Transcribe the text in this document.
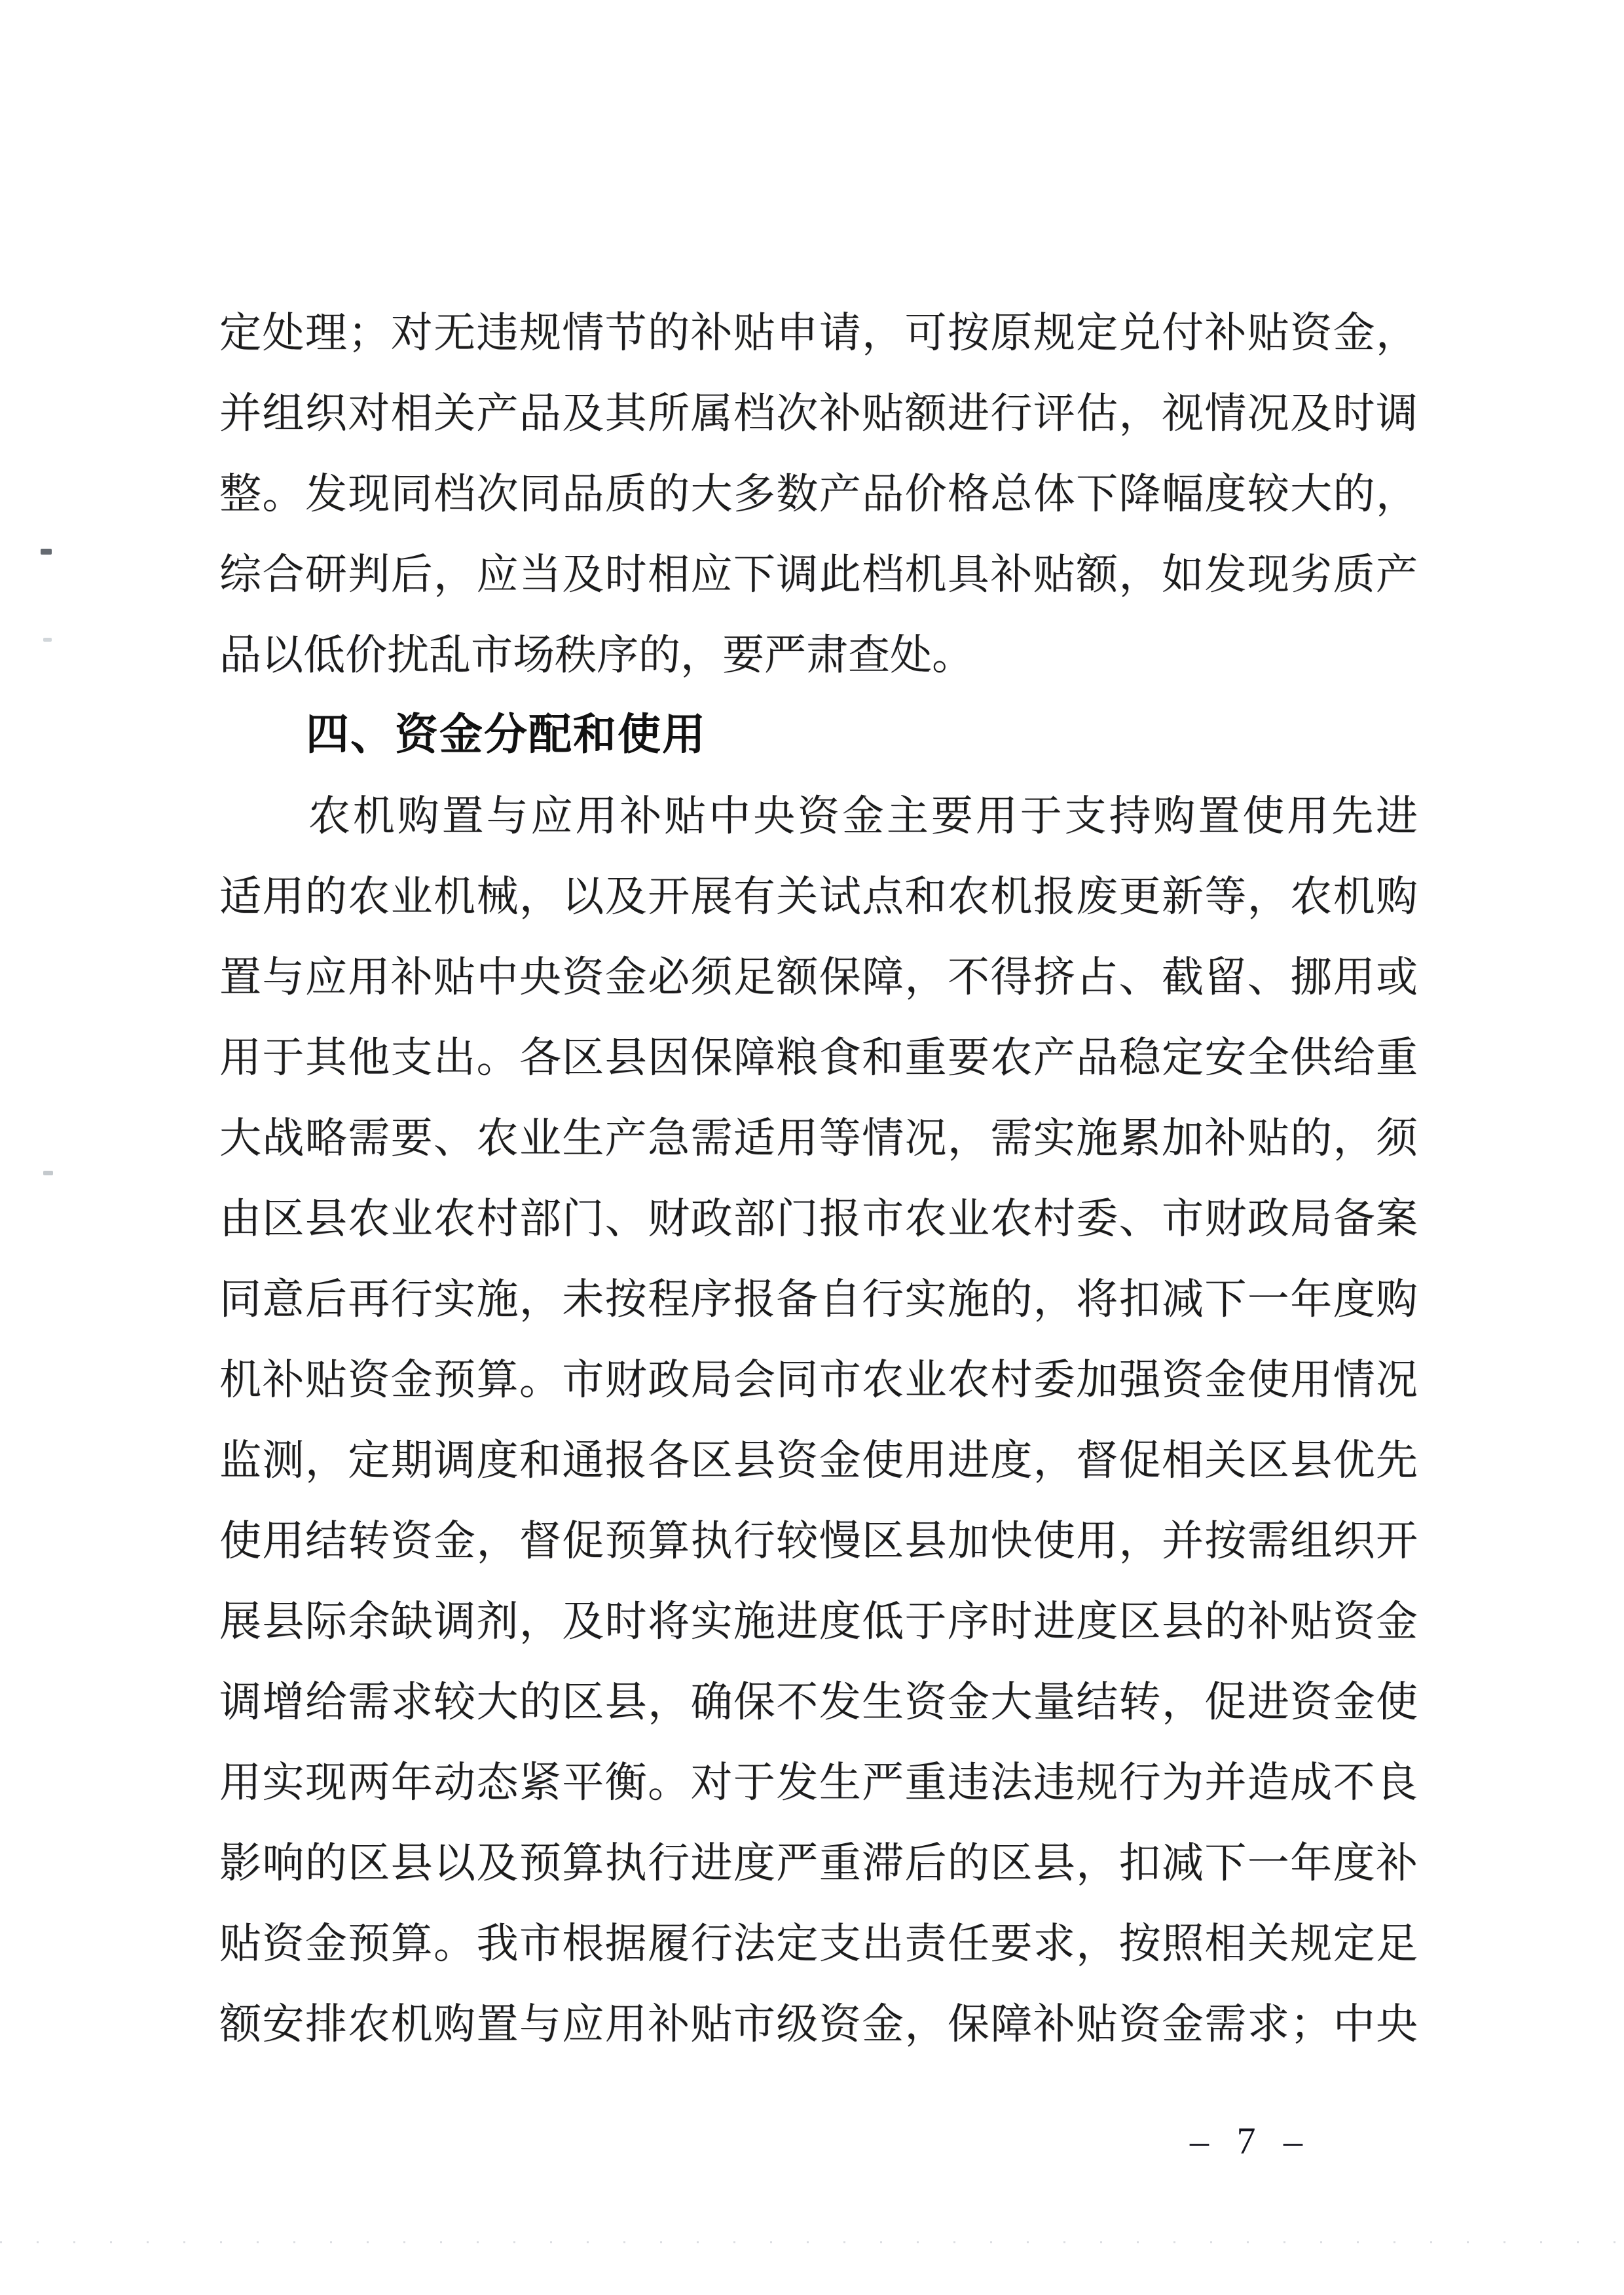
定处理；对无违规情节的补贴申请，可按原规定兑付补贴资金，
并组织对相关产品及其所属档次补贴额进行评估，视情况及时调
整。发现同档次同品质的大多数产品价格总体下降幅度较大的，
综合研判后，应当及时相应下调此档机具补贴额，如发现劣质产
品以低价扰乱市场秩序的，要严肃查处。
四、资金分配和使用
　　农机购置与应用补贴中央资金主要用于支持购置使用先进
适用的农业机械，以及开展有关试点和农机报废更新等，农机购
置与应用补贴中央资金必须足额保障，不得挤占、截留、挪用或
用于其他支出。各区县因保障粮食和重要农产品稳定安全供给重
大战略需要、农业生产急需适用等情况，需实施累加补贴的，须
由区县农业农村部门、财政部门报市农业农村委、市财政局备案
同意后再行实施，未按程序报备自行实施的，将扣减下一年度购
机补贴资金预算。市财政局会同市农业农村委加强资金使用情况
监测，定期调度和通报各区县资金使用进度，督促相关区县优先
使用结转资金，督促预算执行较慢区县加快使用，并按需组织开
展县际余缺调剂，及时将实施进度低于序时进度区县的补贴资金
调增给需求较大的区县，确保不发生资金大量结转，促进资金使
用实现两年动态紧平衡。对于发生严重违法违规行为并造成不良
影响的区县以及预算执行进度严重滞后的区县，扣减下一年度补
贴资金预算。我市根据履行法定支出责任要求，按照相关规定足
额安排农机购置与应用补贴市级资金，保障补贴资金需求；中央
– 7 –
